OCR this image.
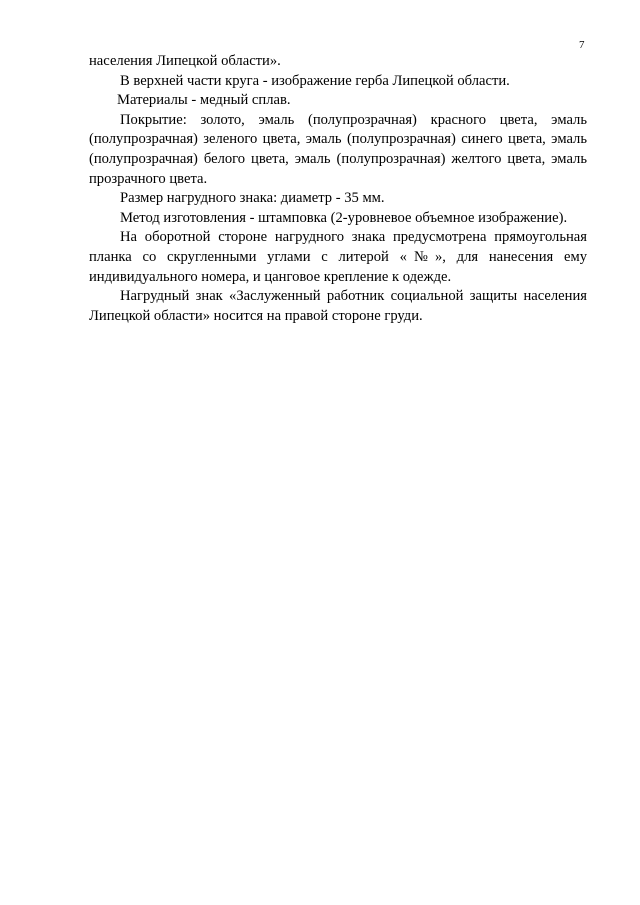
7

населения Липецкой области».

В верхней части круга - изображение герба Липецкой области.

Материалы - медный сплав.

Покрытие: золото, эмаль (полупрозрачная) красного цвета, эмаль (полупрозрачная) зеленого цвета, эмаль (полупрозрачная) синего цвета, эмаль (полупрозрачная) белого цвета, эмаль (полупрозрачная) желтого цвета, эмаль прозрачного цвета.

Размер нагрудного знака: диаметр - 35 мм.

Метод изготовления - штамповка (2-уровневое объемное изображение).

На оборотной стороне нагрудного знака предусмотрена прямоугольная планка со скругленными углами с литерой «№», для нанесения ему индивидуального номера, и цанговое крепление к одежде.

Нагрудный знак «Заслуженный работник социальной защиты населения Липецкой области» носится на правой стороне груди.
